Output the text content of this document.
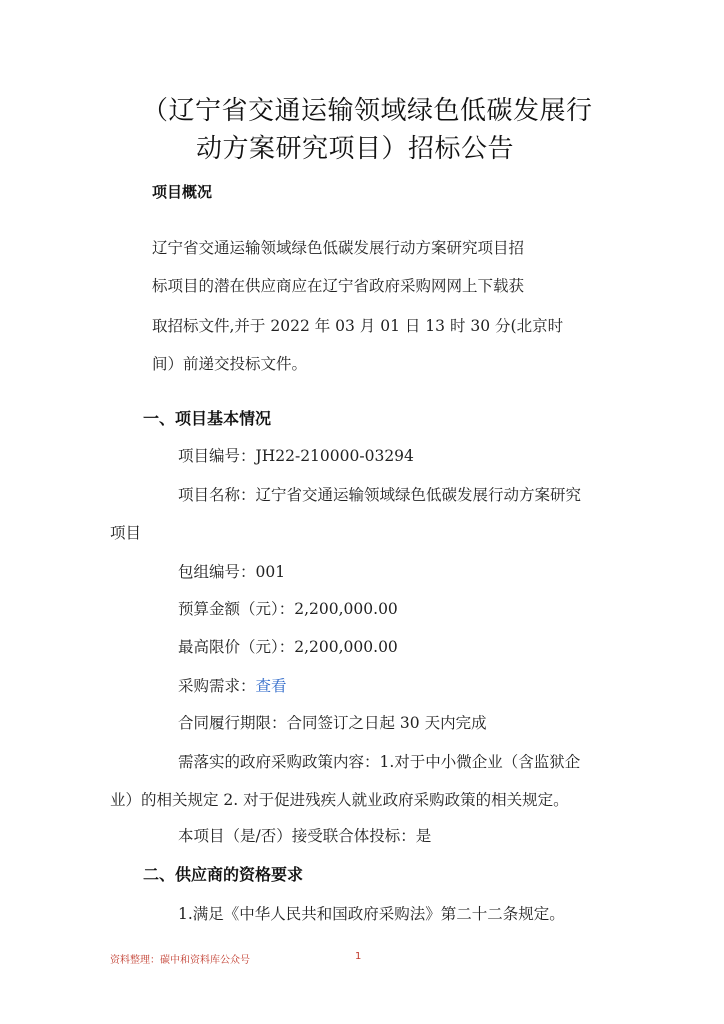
（辽宁省交通运输领域绿色低碳发展行
动方案研究项目）招标公告
项目概况
辽宁省交通运输领域绿色低碳发展行动方案研究项目招
标项目的潜在供应商应在辽宁省政府采购网网上下载获
取招标文件,并于 2022 年 03 月 01 日 13 时 30 分(北京时
间）前递交投标文件。
一、项目基本情况
项目编号：JH22-210000-03294
项目名称：辽宁省交通运输领域绿色低碳发展行动方案研究
项目
包组编号：001
预算金额（元）：2,200,000.00
最高限价（元）：2,200,000.00
采购需求：查看
合同履行期限：合同签订之日起 30 天内完成
需落实的政府采购政策内容：1.对于中小微企业（含监狱企
业）的相关规定 2. 对于促进残疾人就业政府采购政策的相关规定。
本项目（是/否）接受联合体投标：是
二、供应商的资格要求
1.满足《中华人民共和国政府采购法》第二十二条规定。
资料整理：碳中和资料库公众号	1
